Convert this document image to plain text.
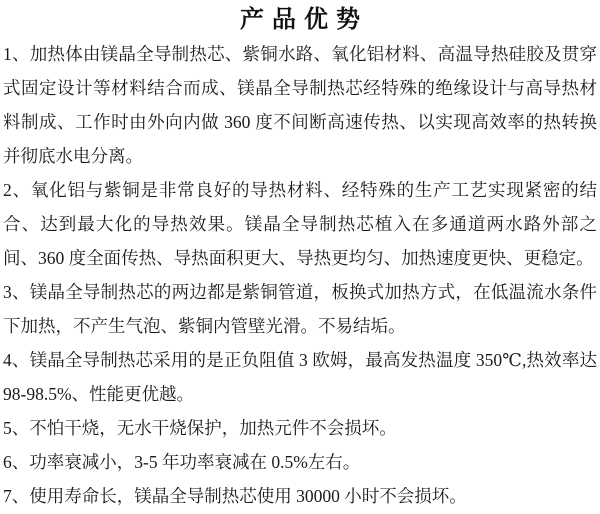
产品优势

1、加热体由镁晶全导制热芯、紫铜水路、氧化铝材料、高温导热硅胶及贯穿式固定设计等材料结合而成、镁晶全导制热芯经特殊的绝缘设计与高导热材料制成、工作时由外向内做 360 度不间断高速传热、以实现高效率的热转换并彻底水电分离。

2、氧化铝与紫铜是非常良好的导热材料、经特殊的生产工艺实现紧密的结合、达到最大化的导热效果。镁晶全导制热芯植入在多通道两水路外部之间、360 度全面传热、导热面积更大、导热更均匀、加热速度更快、更稳定。

3、镁晶全导制热芯的两边都是紫铜管道，板换式加热方式，在低温流水条件下加热，不产生气泡、紫铜内管壁光滑。不易结垢。

4、镁晶全导制热芯采用的是正负阻值 3 欧姆，最高发热温度 350℃,热效率达 98-98.5%、性能更优越。

5、不怕干烧，无水干烧保护，加热元件不会损坏。

6、功率衰减小，3-5 年功率衰减在 0.5%左右。

7、使用寿命长，镁晶全导制热芯使用 30000 小时不会损坏。
